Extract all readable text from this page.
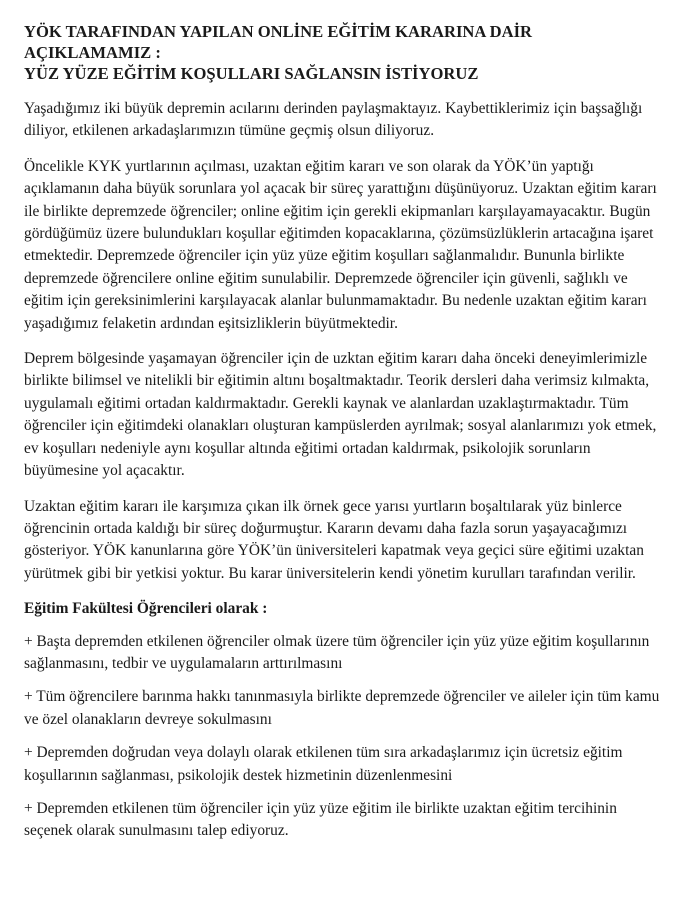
YÖK TARAFINDAN YAPILAN ONLİNE EĞİTİM KARARINA DAİR
AÇIKLAMAMIZ :
YÜZ YÜZE EĞİTİM KOŞULLARI SAĞLANSIN İSTİYORUZ

Yaşadığımız iki büyük depremin acılarını derinden paylaşmaktayız. Kaybettiklerimiz için başsağlığı diliyor, etkilenen arkadaşlarımızın tümüne geçmiş olsun diliyoruz.

Öncelikle KYK yurtlarının açılması, uzaktan eğitim kararı ve son olarak da YÖK’ün yaptığı açıklamanın daha büyük sorunlara yol açacak bir süreç yarattığını düşünüyoruz. Uzaktan eğitim kararı ile birlikte depremzede öğrenciler; online eğitim için gerekli ekipmanları karşılayamayacaktır. Bugün gördüğümüz üzere bulundukları koşullar eğitimden kopacaklarına, çözümsüzlüklerin artacağına işaret etmektedir. Depremzede öğrenciler için yüz yüze eğitim koşulları sağlanmalıdır. Bununla birlikte depremzede öğrencilere online eğitim sunulabilir. Depremzede öğrenciler için güvenli, sağlıklı ve eğitim için gereksinimlerini karşılayacak alanlar bulunmamaktadır. Bu nedenle uzaktan eğitim kararı yaşadığımız felaketin ardından eşitsizliklerin büyütmektedir.

Deprem bölgesinde yaşamayan öğrenciler için de uzktan eğitim kararı daha önceki deneyimlerimizle birlikte bilimsel ve nitelikli bir eğitimin altını boşaltmaktadır. Teorik dersleri daha verimsiz kılmakta, uygulamalı eğitimi ortadan kaldırmaktadır. Gerekli kaynak ve alanlardan uzaklaştırmaktadır. Tüm öğrenciler için eğitimdeki olanakları oluşturan kampüslerden ayrılmak; sosyal alanlarımızı yok etmek, ev koşulları nedeniyle aynı koşullar altında eğitimi ortadan kaldırmak, psikolojik sorunların büyümesine yol açacaktır.

Uzaktan eğitim kararı ile karşımıza çıkan ilk örnek gece yarısı yurtların boşaltılarak yüz binlerce öğrencinin ortada kaldığı bir süreç doğurmuştur. Kararın devamı daha fazla sorun yaşayacağımızı gösteriyor. YÖK kanunlarına göre YÖK’ün üniversiteleri kapatmak veya geçici süre eğitimi uzaktan yürütmek gibi bir yetkisi yoktur. Bu karar üniversitelerin kendi yönetim kurulları tarafından verilir.

Eğitim Fakültesi Öğrencileri olarak :
+ Başta depremden etkilenen öğrenciler olmak üzere tüm öğrenciler için yüz yüze eğitim koşullarının sağlanmasını, tedbir ve uygulamaların arttırılmasını
+ Tüm öğrencilere barınma hakkı tanınmasıyla birlikte depremzede öğrenciler ve aileler için tüm kamu ve özel olanakların devreye sokulmasını
+ Depremden doğrudan veya dolaylı olarak etkilenen tüm sıra arkadaşlarımız için ücretsiz eğitim koşullarının sağlanması, psikolojik destek hizmetinin düzenlenmesini
+ Depremden etkilenen tüm öğrenciler için yüz yüze eğitim ile birlikte uzaktan eğitim tercihinin seçenek olarak sunulmasını talep ediyoruz.
